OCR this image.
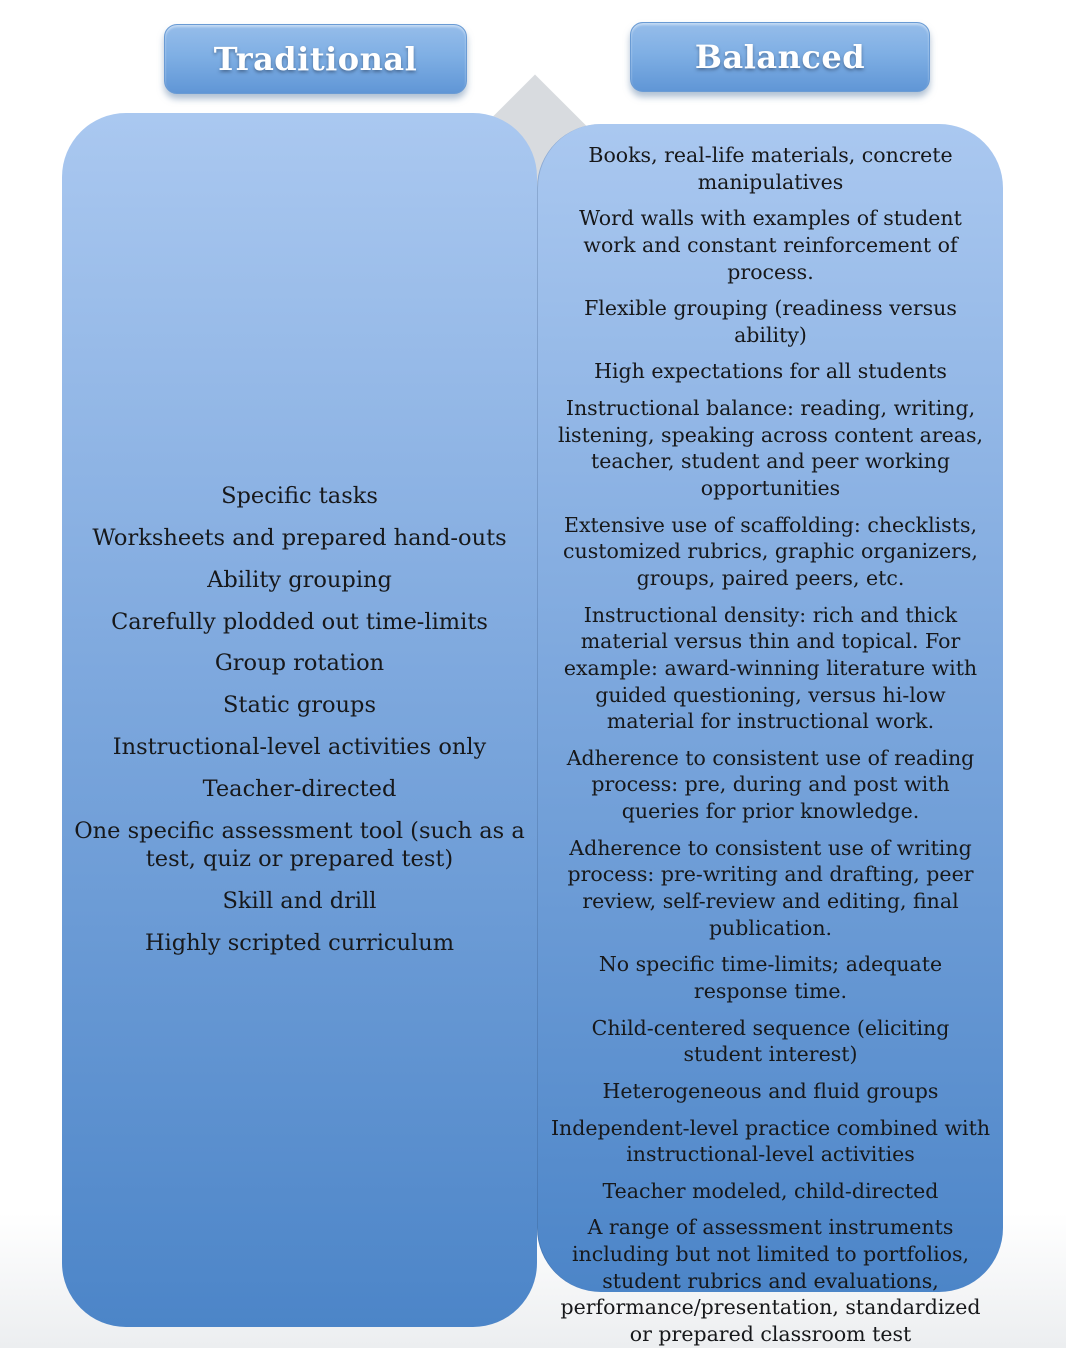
Traditional	Balanced
Specific tasks
Worksheets and prepared hand-outs
Ability grouping
Carefully plodded out time-limits
Group rotation
Static groups
Instructional-level activities only
Teacher-directed
One specific assessment tool (such as a test, quiz or prepared test)
Skill and drill
Highly scripted curriculum
Books, real-life materials, concrete manipulatives
Word walls with examples of student work and constant reinforcement of process.
Flexible grouping (readiness versus ability)
High expectations for all students
Instructional balance: reading, writing, listening, speaking across content areas, teacher, student and peer working opportunities
Extensive use of scaffolding: checklists, customized rubrics, graphic organizers, groups, paired peers, etc.
Instructional density: rich and thick material versus thin and topical. For example: award-winning literature with guided questioning, versus hi-low material for instructional work.
Adherence to consistent use of reading process: pre, during and post with queries for prior knowledge.
Adherence to consistent use of writing process: pre-writing and drafting, peer review, self-review and editing, final publication.
No specific time-limits; adequate response time.
Child-centered sequence (eliciting student interest)
Heterogeneous and fluid groups
Independent-level practice combined with instructional-level activities
Teacher modeled, child-directed
A range of assessment instruments including but not limited to portfolios, student rubrics and evaluations, performance/presentation, standardized or prepared classroom test
